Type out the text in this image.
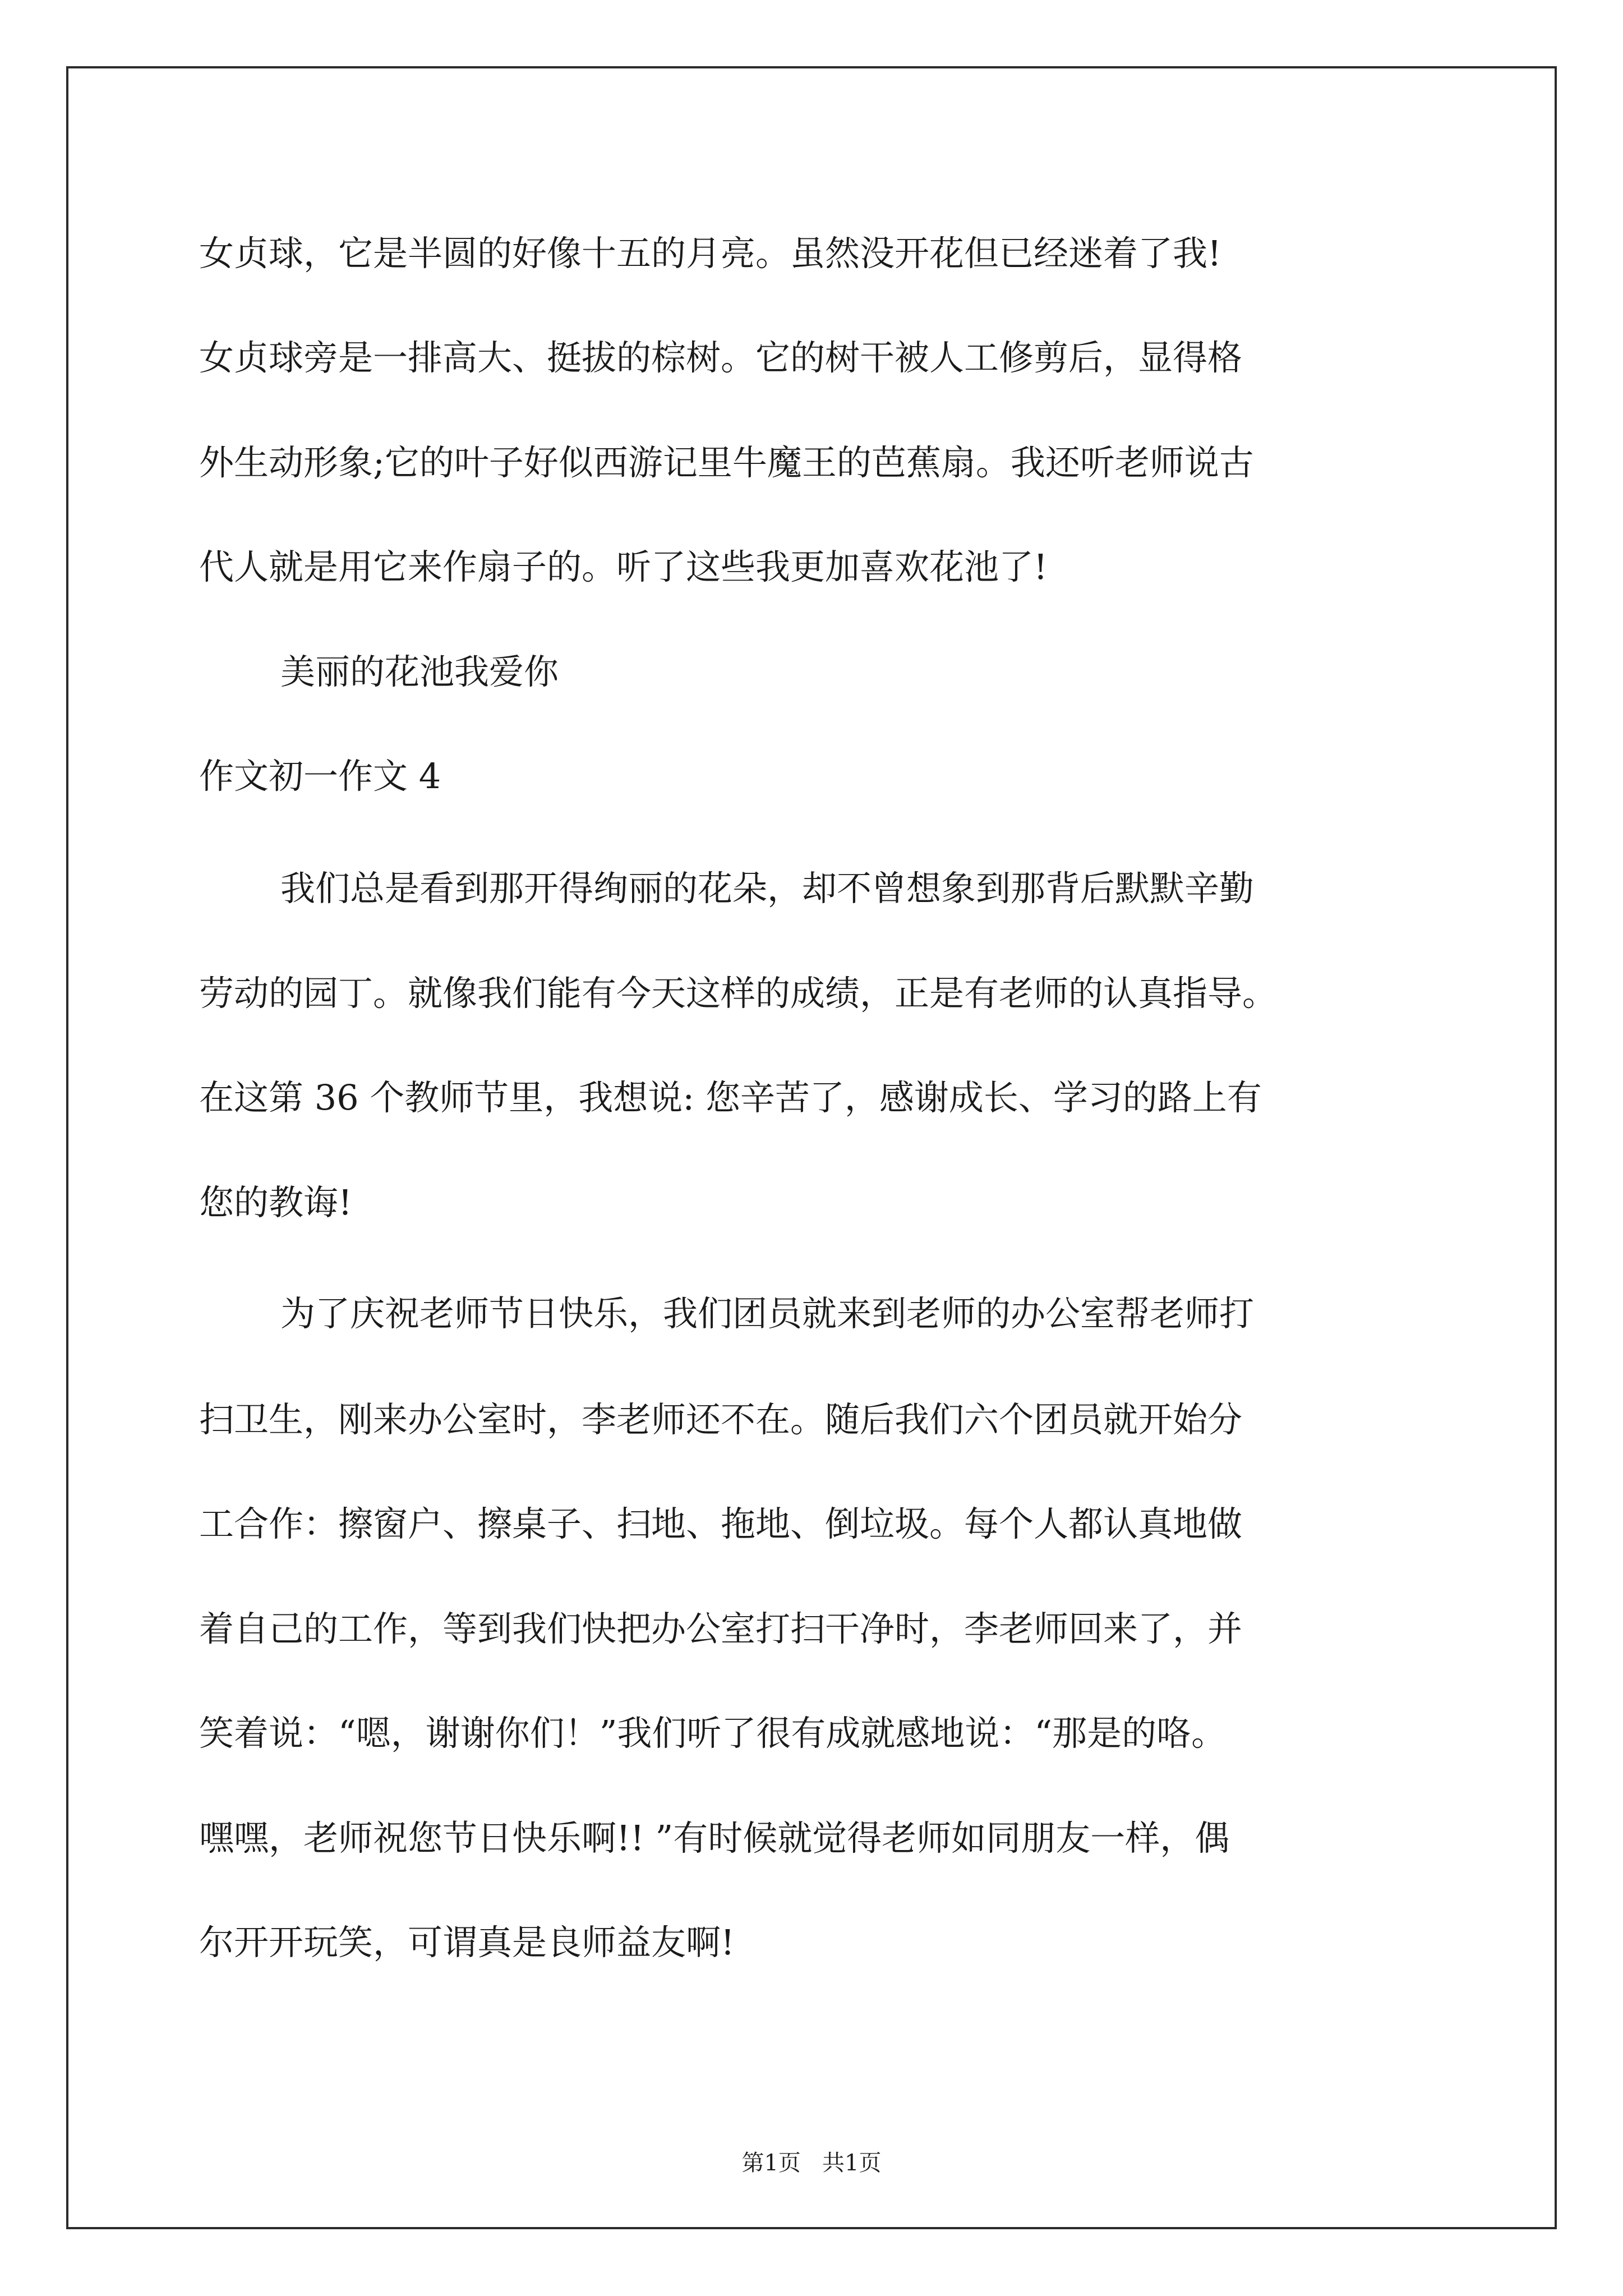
女贞球，它是半圆的好像十五的月亮。虽然没开花但已经迷着了我!

女贞球旁是一排高大、挺拔的棕树。它的树干被人工修剪后，显得格

外生动形象;它的叶子好似西游记里牛魔王的芭蕉扇。我还听老师说古

代人就是用它来作扇子的。听了这些我更加喜欢花池了!

美丽的花池我爱你

作文初一作文 4

我们总是看到那开得绚丽的花朵，却不曾想象到那背后默默辛勤

劳动的园丁。就像我们能有今天这样的成绩，正是有老师的认真指导。

在这第 36 个教师节里，我想说: 您辛苦了，感谢成长、学习的路上有

您的教诲!

为了庆祝老师节日快乐，我们团员就来到老师的办公室帮老师打

扫卫生，刚来办公室时，李老师还不在。随后我们六个团员就开始分

工合作：擦窗户、擦桌子、扫地、拖地、倒垃圾。每个人都认真地做

着自己的工作，等到我们快把办公室打扫干净时，李老师回来了，并

笑着说：“嗯，谢谢你们！”我们听了很有成就感地说：“那是的咯。

嘿嘿，老师祝您节日快乐啊!! ”有时候就觉得老师如同朋友一样，偶

尔开开玩笑，可谓真是良师益友啊!

第1页   共1页
